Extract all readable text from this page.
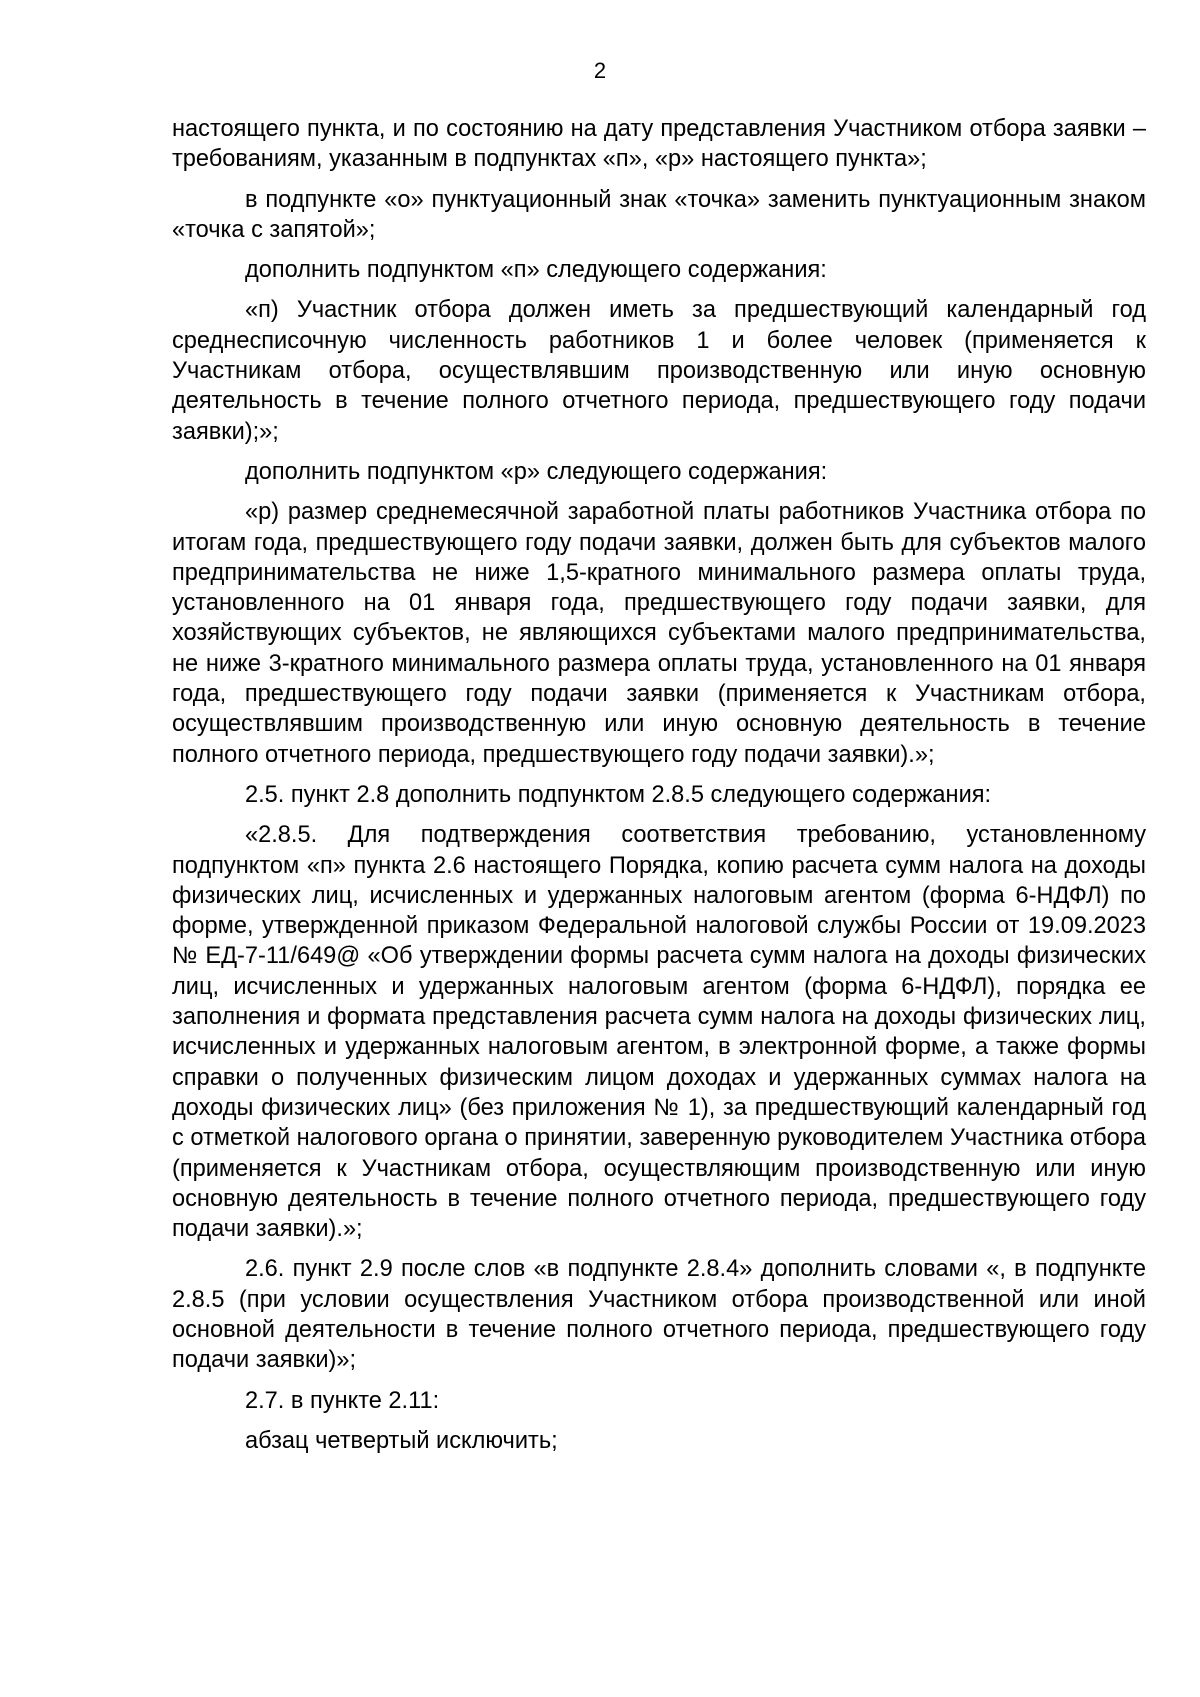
2

настоящего пункта, и по состоянию на дату представления Участником отбора заявки – требованиям, указанным в подпунктах «п», «р» настоящего пункта»;

в подпункте «о» пунктуационный знак «точка» заменить пунктуационным знаком «точка с запятой»;

дополнить подпунктом «п» следующего содержания:

«п) Участник отбора должен иметь за предшествующий календарный год среднесписочную численность работников 1 и более человек (применяется к Участникам отбора, осуществлявшим производственную или иную основную деятельность в течение полного отчетного периода, предшествующего году подачи заявки);»;

дополнить подпунктом «р» следующего содержания:

«р) размер среднемесячной заработной платы работников Участника отбора по итогам года, предшествующего году подачи заявки, должен быть для субъектов малого предпринимательства не ниже 1,5-кратного минимального размера оплаты труда, установленного на 01 января года, предшествующего году подачи заявки, для хозяйствующих субъектов, не являющихся субъектами малого предпринимательства, не ниже 3-кратного минимального размера оплаты труда, установленного на 01 января года, предшествующего году подачи заявки (применяется к Участникам отбора, осуществлявшим производственную или иную основную деятельность в течение полного отчетного периода, предшествующего году подачи заявки).»;

2.5. пункт 2.8 дополнить подпунктом 2.8.5 следующего содержания:

«2.8.5. Для подтверждения соответствия требованию, установленному подпунктом «п» пункта 2.6 настоящего Порядка, копию расчета сумм налога на доходы физических лиц, исчисленных и удержанных налоговым агентом (форма 6-НДФЛ) по форме, утвержденной приказом Федеральной налоговой службы России от 19.09.2023 № ЕД-7-11/649@ «Об утверждении формы расчета сумм налога на доходы физических лиц, исчисленных и удержанных налоговым агентом (форма 6-НДФЛ), порядка ее заполнения и формата представления расчета сумм налога на доходы физических лиц, исчисленных и удержанных налоговым агентом, в электронной форме, а также формы справки о полученных физическим лицом доходах и удержанных суммах налога на доходы физических лиц» (без приложения № 1), за предшествующий календарный год с отметкой налогового органа о принятии, заверенную руководителем Участника отбора (применяется к Участникам отбора, осуществляющим производственную или иную основную деятельность в течение полного отчетного периода, предшествующего году подачи заявки).»;

2.6. пункт 2.9 после слов «в подпункте 2.8.4» дополнить словами «, в подпункте 2.8.5 (при условии осуществления Участником отбора производственной или иной основной деятельности в течение полного отчетного периода, предшествующего году подачи заявки)»;

2.7. в пункте 2.11:

абзац четвертый исключить;
